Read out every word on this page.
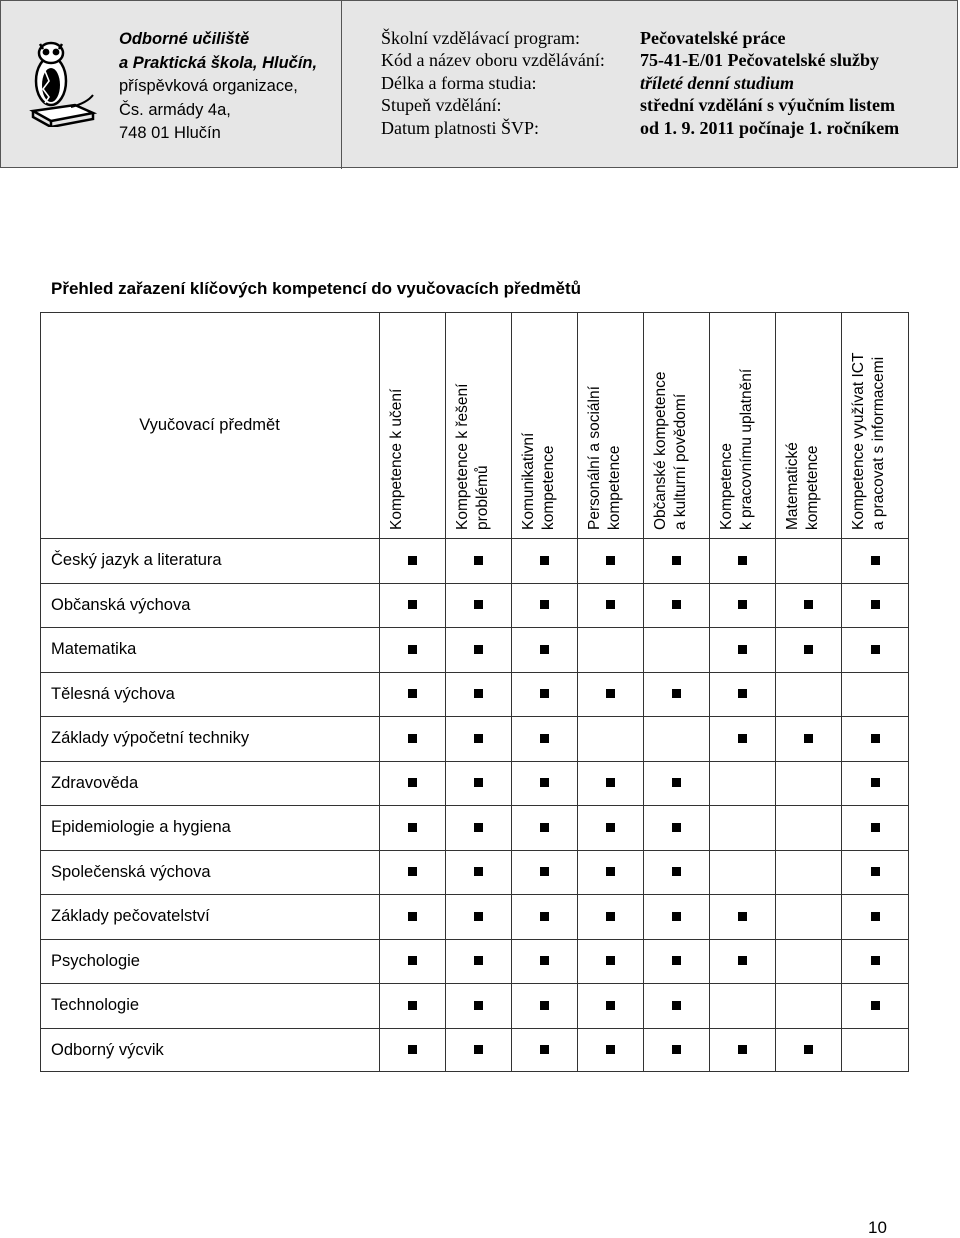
Odborné učiliště
a Praktická škola, Hlučín,
příspěvková organizace,
Čs. armády 4a,
748 01 Hlučín
Školní vzdělávací program:
Kód a název oboru vzdělávání:
Délka a forma studia:
Stupeň vzdělání:
Datum platnosti ŠVP:
Pečovatelské práce
75-41-E/01 Pečovatelské služby
tříleté denní studium
střední vzdělání s výučním listem
od 1. 9. 2011 počínaje 1. ročníkem
Přehled zařazení klíčových kompetencí do vyučovacích předmětů
Vyučovací předmět	Kompetence k učení	Kompetence k řešení problémů Komunikativní kompetence Personální a sociální kompetence Občanské kompetence a kulturní povědomí Kompetence k pracovnímu uplatnění Matematické kompetence Kompetence využívat ICT a pracovat s informacemi
Český jazyk a literatura
Občanská výchova
Matematika
Tělesná výchova
Základy výpočetní techniky
Zdravověda
Epidemiologie a hygiena
Společenská výchova
Základy pečovatelství
Psychologie
Technologie
Odborný výcvik
10
